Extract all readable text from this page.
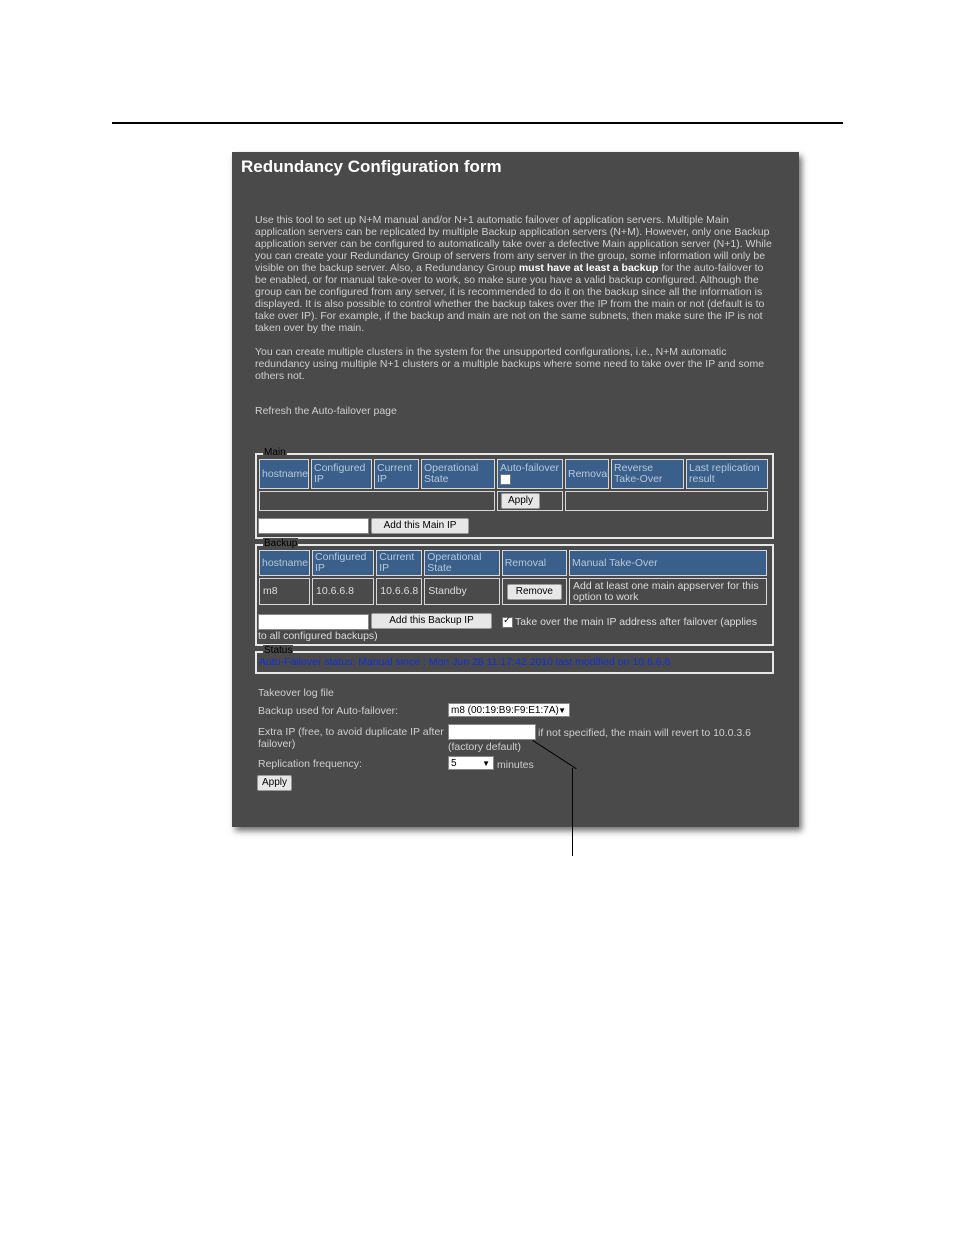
Redundancy Configuration form

Use this tool to set up N+M manual and/or N+1 automatic failover of application servers. Multiple Main application servers can be replicated by multiple Backup application servers (N+M). However, only one Backup application server can be configured to automatically take over a defective Main application server (N+1). While you can create your Redundancy Group of servers from any server in the group, some information will only be visible on the backup server. Also, a Redundancy Group must have at least a backup for the auto-failover to be enabled, or for manual take-over to work, so make sure you have a valid backup configured. Although the group can be configured from any server, it is recommended to do it on the backup since all the information is displayed. It is also possible to control whether the backup takes over the IP from the main or not (default is to take over IP). For example, if the backup and main are not on the same subnets, then make sure the IP is not taken over by the main.

You can create multiple clusters in the system for the unsupported configurations, i.e., N+M automatic redundancy using multiple N+1 clusters or a multiple backups where some need to take over the IP and some others not.

Refresh the Auto-failover page
Main
hostname	Configured IP	Current IP	Operational State	Auto-failover	Removal	Reverse Take-Over	Last replication result
				Apply			
Add this Main IP
Backup
hostname	Configured IP	Current IP	Operational State	Removal	Manual Take-Over
m8	10.6.6.8	10.6.6.8	Standby	Remove	Add at least one main appserver for this option to work
Add this Backup IP ✓	Take over the main IP address after failover (applies
to all configured backups)
Status
Auto-Failover status: Manual since : Mon Jun 28 11:17:42 2010 last modified on 10.6.6.8
Takeover log file
Backup used for Auto-failover:	m8 (00:19:B9:F9:E1:7A) ▼
Extra IP (free, to avoid duplicate IP after
failover)
if not specified, the main will revert to 10.0.3.6
(factory default)
Replication frequency:	5	▼ minutes
Apply
